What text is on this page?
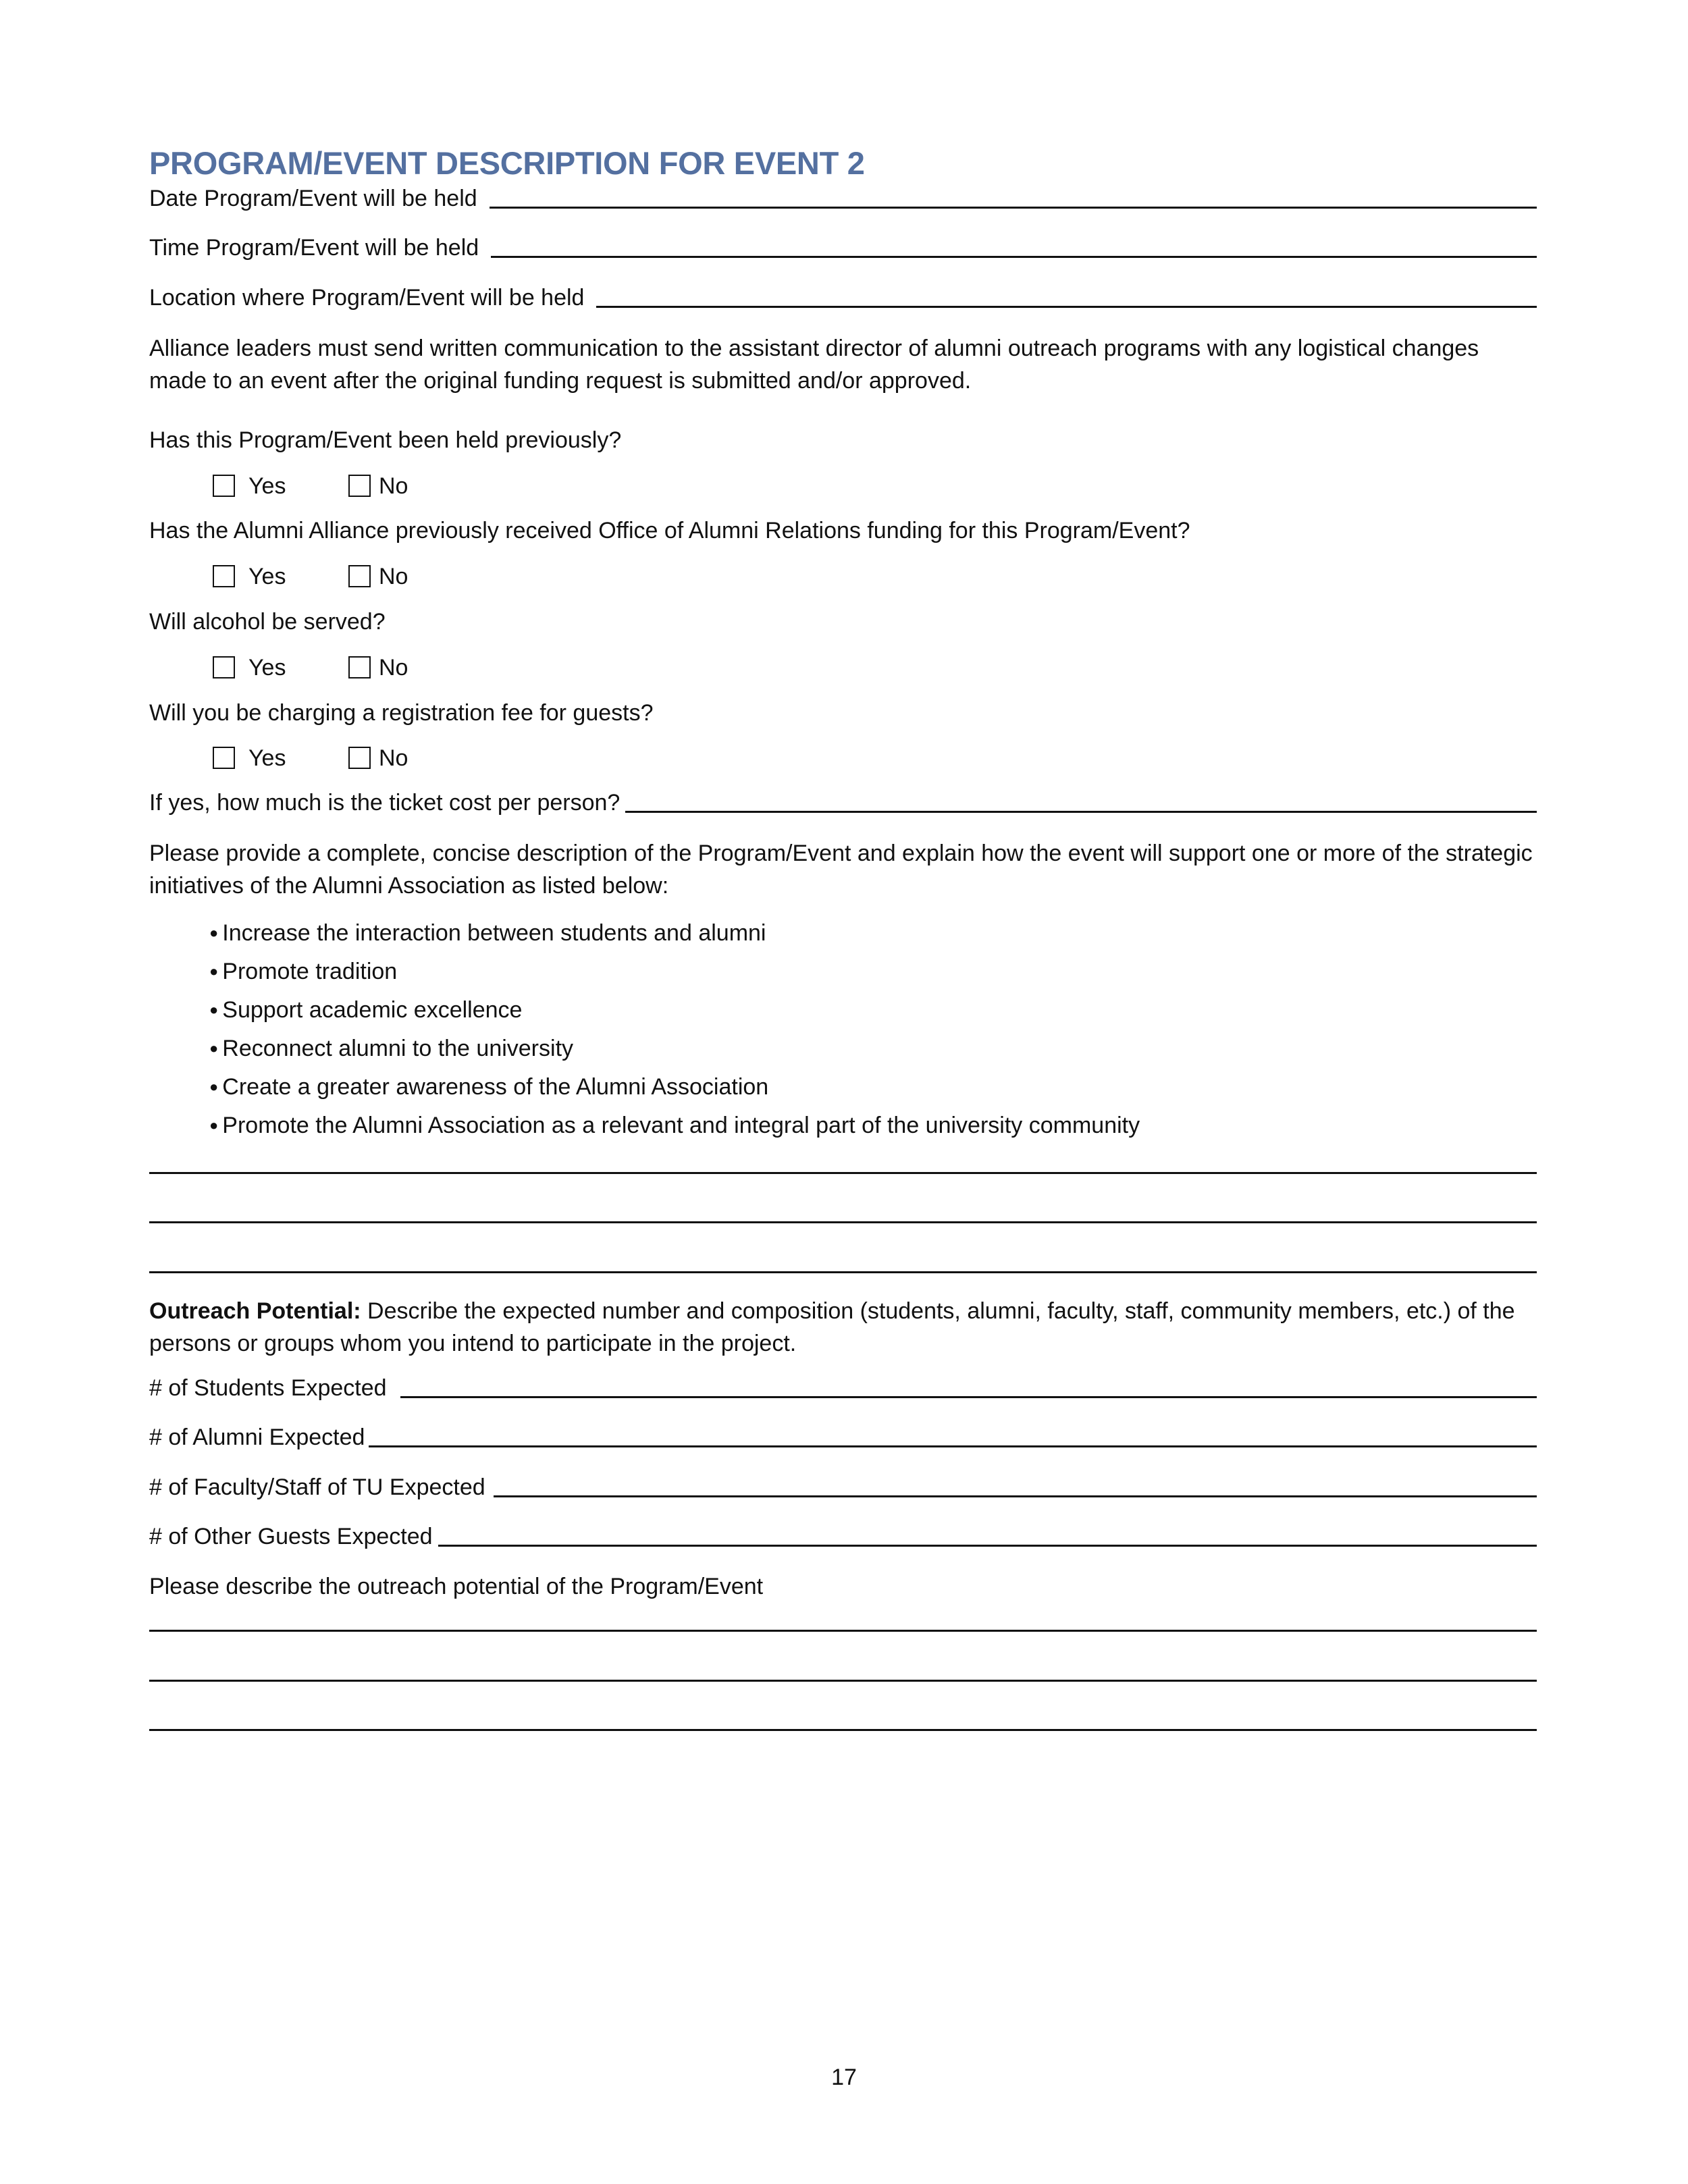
PROGRAM/EVENT DESCRIPTION FOR EVENT 2
Date Program/Event will be held
Time Program/Event will be held
Location where Program/Event will be held
Alliance leaders must send written communication to the assistant director of alumni outreach programs with any logistical changes made to an event after the original funding request is submitted and/or approved.
Has this Program/Event been held previously?
Yes	No
Has the Alumni Alliance previously received Office of Alumni Relations funding for this Program/Event?
Yes	No
Will alcohol be served?
Yes	No
Will you be charging a registration fee for guests?
Yes	No
If yes, how much is the ticket cost per person?
Please provide a complete, concise description of the Program/Event and explain how the event will support one or more of the strategic initiatives of the Alumni Association as listed below:
● Increase the interaction between students and alumni
● Promote tradition
● Support academic excellence
● Reconnect alumni to the university
● Create a greater awareness of the Alumni Association
● Promote the Alumni Association as a relevant and integral part of the university community
Outreach Potential: Describe the expected number and composition (students, alumni, faculty, staff, community members, etc.) of the persons or groups whom you intend to participate in the project.
# of Students Expected
# of Alumni Expected
# of Faculty/Staff of TU Expected
# of Other Guests Expected
Please describe the outreach potential of the Program/Event
17
